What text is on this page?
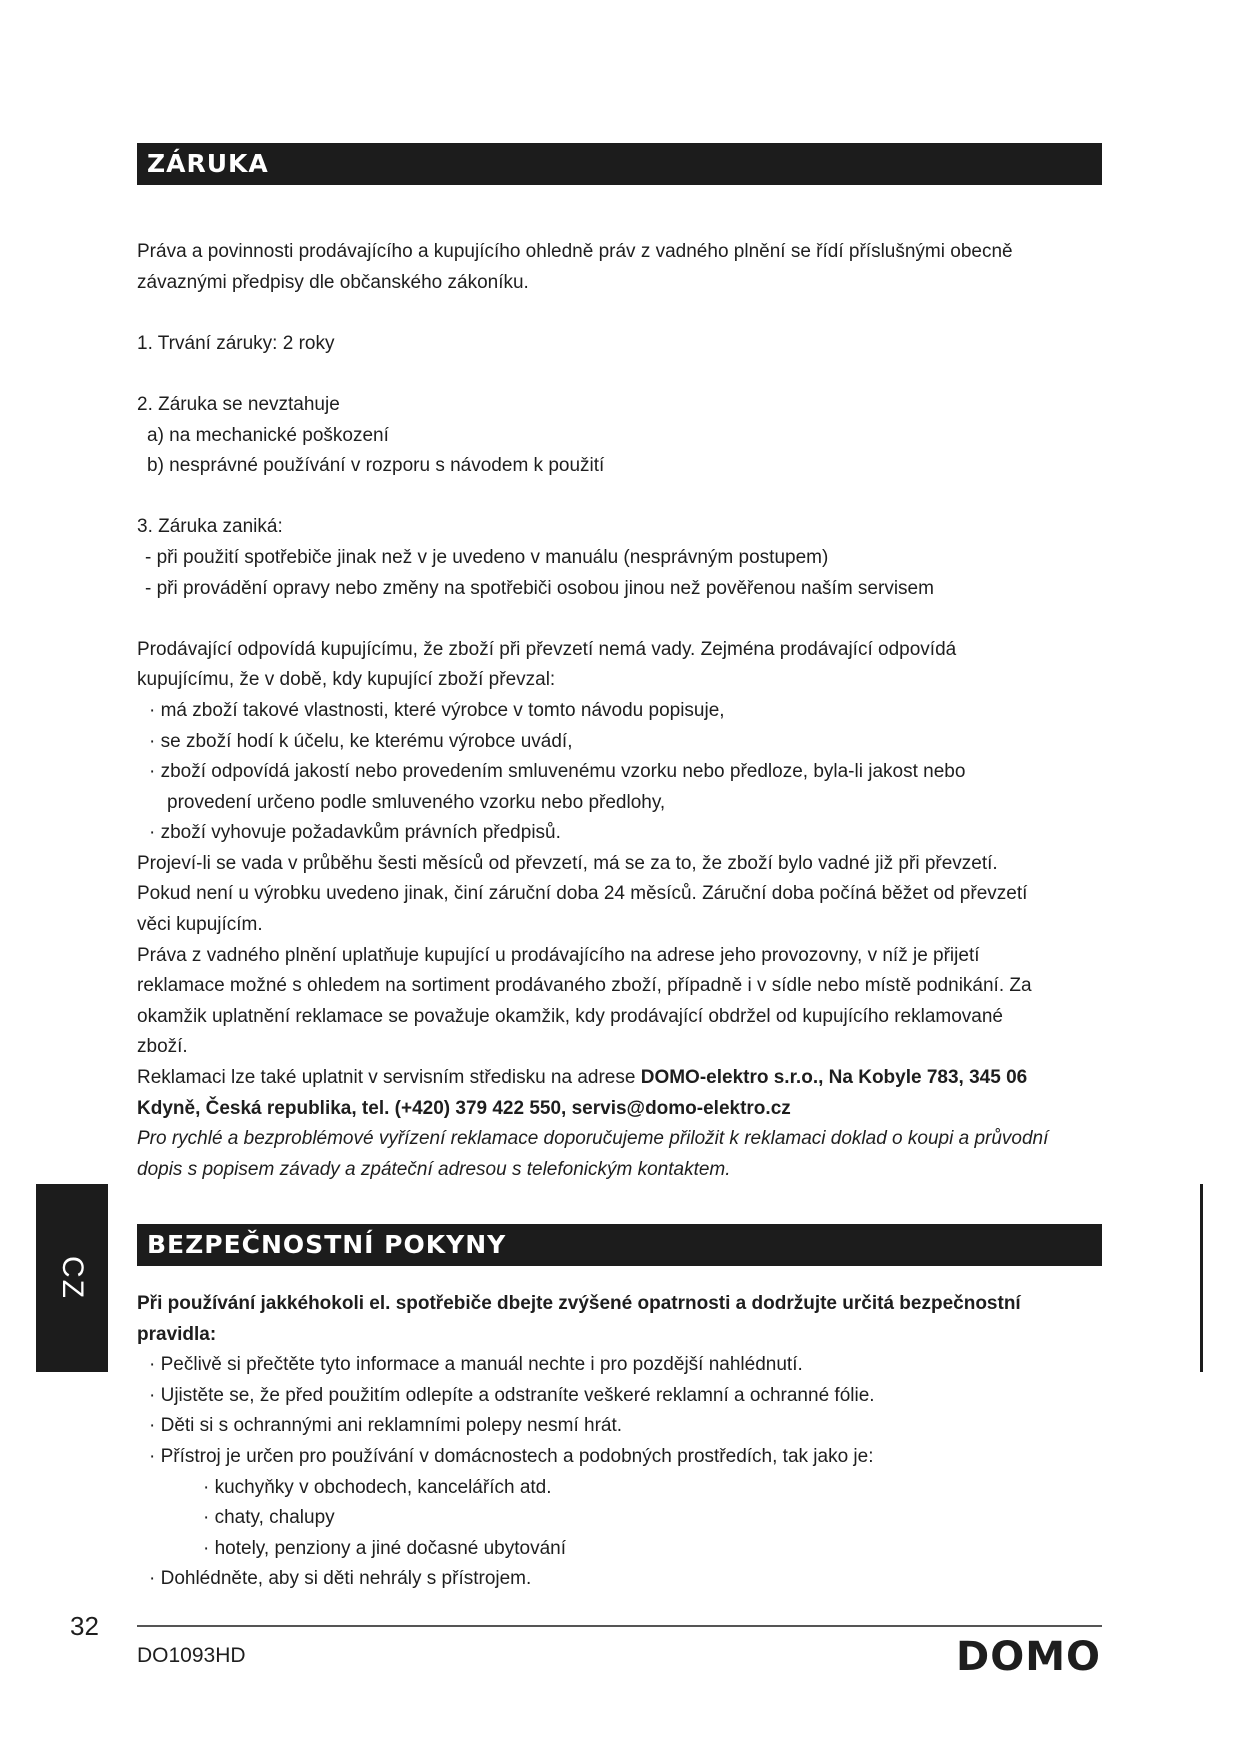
ZÁRUKA

Práva a povinnosti prodávajícího a kupujícího ohledně práv z vadného plnění se řídí příslušnými obecně

závaznými předpisy dle občanského zákoníku.

1. Trvání záruky: 2 roky

2. Záruka se nevztahuje

a) na mechanické poškození

b) nesprávné používání v rozporu s návodem k použití

3. Záruka zaniká:

- při použití spotřebiče jinak než v je uvedeno v manuálu (nesprávným postupem)

- při provádění opravy nebo změny na spotřebiči osobou jinou než pověřenou naším servisem

Prodávající odpovídá kupujícímu, že zboží při převzetí nemá vady. Zejména prodávající odpovídá

kupujícímu, že v době, kdy kupující zboží převzal:

· má zboží takové vlastnosti, které výrobce v tomto návodu popisuje,

· se zboží hodí k účelu, ke kterému výrobce uvádí,

· zboží odpovídá jakostí nebo provedením smluvenému vzorku nebo předloze, byla-li jakost nebo

provedení určeno podle smluveného vzorku nebo předlohy,

· zboží vyhovuje požadavkům právních předpisů.

Projeví-li se vada v průběhu šesti měsíců od převzetí, má se za to, že zboží bylo vadné již při převzetí.

Pokud není u výrobku uvedeno jinak, činí záruční doba 24 měsíců. Záruční doba počíná běžet od převzetí

věci kupujícím.

Práva z vadného plnění uplatňuje kupující u prodávajícího na adrese jeho provozovny, v níž je přijetí

reklamace možné s ohledem na sortiment prodávaného zboží, případně i v sídle nebo místě podnikání. Za

okamžik uplatnění reklamace se považuje okamžik, kdy prodávající obdržel od kupujícího reklamované

zboží.

Reklamaci lze také uplatnit v servisním středisku na adrese DOMO-elektro s.r.o., Na Kobyle 783, 345 06

Kdyně, Česká republika, tel. (+420) 379 422 550, servis@domo-elektro.cz

Pro rychlé a bezproblémové vyřízení reklamace doporučujeme přiložit k reklamaci doklad o koupi a průvodní

dopis s popisem závady a zpáteční adresou s telefonickým kontaktem.

BEZPEČNOSTNÍ POKYNY

Při používání jakkéhokoli el. spotřebiče dbejte zvýšené opatrnosti a dodržujte určitá bezpečnostní

pravidla:

· Pečlivě si přečtěte tyto informace a manuál nechte i pro pozdější nahlédnutí.

· Ujistěte se, že před použitím odlepíte a odstraníte veškeré reklamní a ochranné fólie.

· Děti si s ochrannými ani reklamními polepy nesmí hrát.

· Přístroj je určen pro používání v domácnostech a podobných prostředích, tak jako je:

· kuchyňky v obchodech, kancelářích atd.

· chaty, chalupy

· hotely, penziony a jiné dočasné ubytování

· Dohlédněte, aby si děti nehrály s přístrojem.

CZ
32
DO1093HD	DOMO
